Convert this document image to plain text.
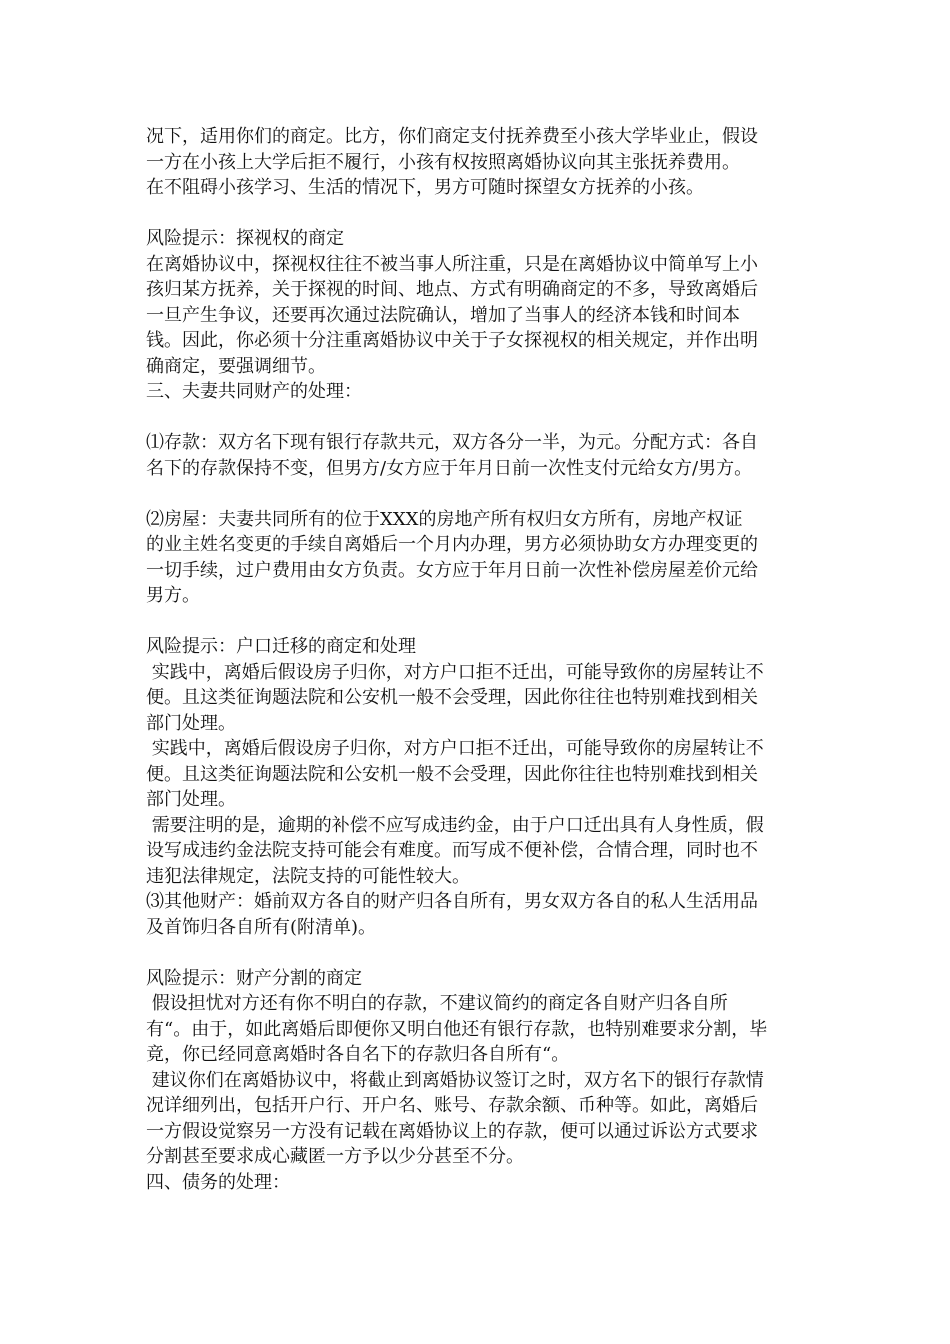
况下，适用你们的商定。比方，你们商定支付抚养费至小孩大学毕业止，假设
一方在小孩上大学后拒不履行，小孩有权按照离婚协议向其主张抚养费用。
在不阻碍小孩学习、生活的情况下，男方可随时探望女方抚养的小孩。
风险提示：探视权的商定
在离婚协议中，探视权往往不被当事人所注重，只是在离婚协议中简单写上小
孩归某方抚养，关于探视的时间、地点、方式有明确商定的不多，导致离婚后
一旦产生争议，还要再次通过法院确认，增加了当事人的经济本钱和时间本
钱。因此，你必须十分注重离婚协议中关于子女探视权的相关规定，并作出明
确商定，要强调细节。
三、夫妻共同财产的处理：
⑴存款：双方名下现有银行存款共元，双方各分一半，为元。分配方式：各自
名下的存款保持不变，但男方/女方应于年月日前一次性支付元给女方/男方。
⑵房屋：夫妻共同所有的位于XXX的房地产所有权归女方所有，房地产权证
的业主姓名变更的手续自离婚后一个月内办理，男方必须协助女方办理变更的
一切手续，过户费用由女方负责。女方应于年月日前一次性补偿房屋差价元给
男方。
风险提示：户口迁移的商定和处理
实践中，离婚后假设房子归你，对方户口拒不迁出，可能导致你的房屋转让不
便。且这类征询题法院和公安机一般不会受理，因此你往往也特别难找到相关
部门处理。
实践中，离婚后假设房子归你，对方户口拒不迁出，可能导致你的房屋转让不
便。且这类征询题法院和公安机一般不会受理，因此你往往也特别难找到相关
部门处理。
需要注明的是，逾期的补偿不应写成违约金，由于户口迁出具有人身性质，假
设写成违约金法院支持可能会有难度。而写成不便补偿，合情合理，同时也不
违犯法律规定，法院支持的可能性较大。
⑶其他财产：婚前双方各自的财产归各自所有，男女双方各自的私人生活用品
及首饰归各自所有(附清单)。
风险提示：财产分割的商定
假设担忧对方还有你不明白的存款，不建议简约的商定各自财产归各自所
有“。由于，如此离婚后即便你又明白他还有银行存款，也特别难要求分割，毕
竟，你已经同意离婚时各自名下的存款归各自所有“。
建议你们在离婚协议中，将截止到离婚协议签订之时，双方名下的银行存款情
况详细列出，包括开户行、开户名、账号、存款余额、币种等。如此，离婚后
一方假设觉察另一方没有记载在离婚协议上的存款，便可以通过诉讼方式要求
分割甚至要求成心藏匿一方予以少分甚至不分。
四、债务的处理：
